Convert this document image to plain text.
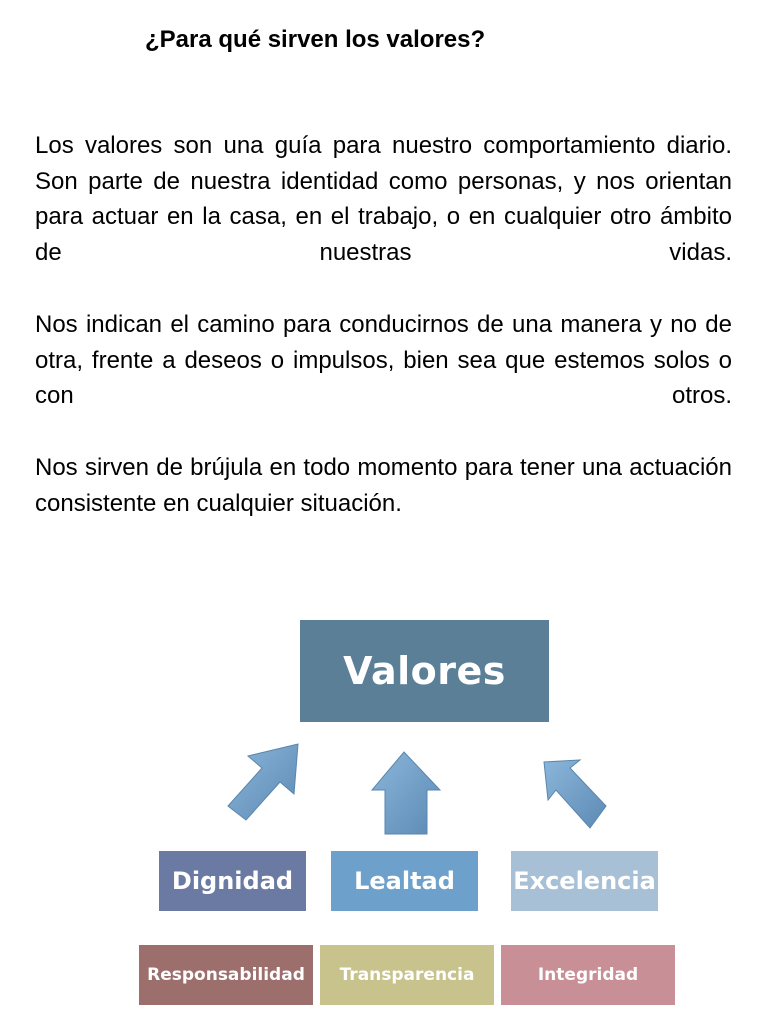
¿Para qué sirven los valores?

Los valores son una guía para nuestro comportamiento diario. Son parte de nuestra identidad como personas, y nos orientan para actuar en la casa, en el trabajo, o en cualquier otro ámbito de nuestras vidas.

Nos indican el camino para conducirnos de una manera y no de otra, frente a deseos o impulsos, bien sea que estemos solos o con otros.

Nos sirven de brújula en todo momento para tener una actuación consistente en cualquier situación.

Valores
Dignidad	Lealtad	Excelencia
Responsabilidad	Transparencia	Integridad
